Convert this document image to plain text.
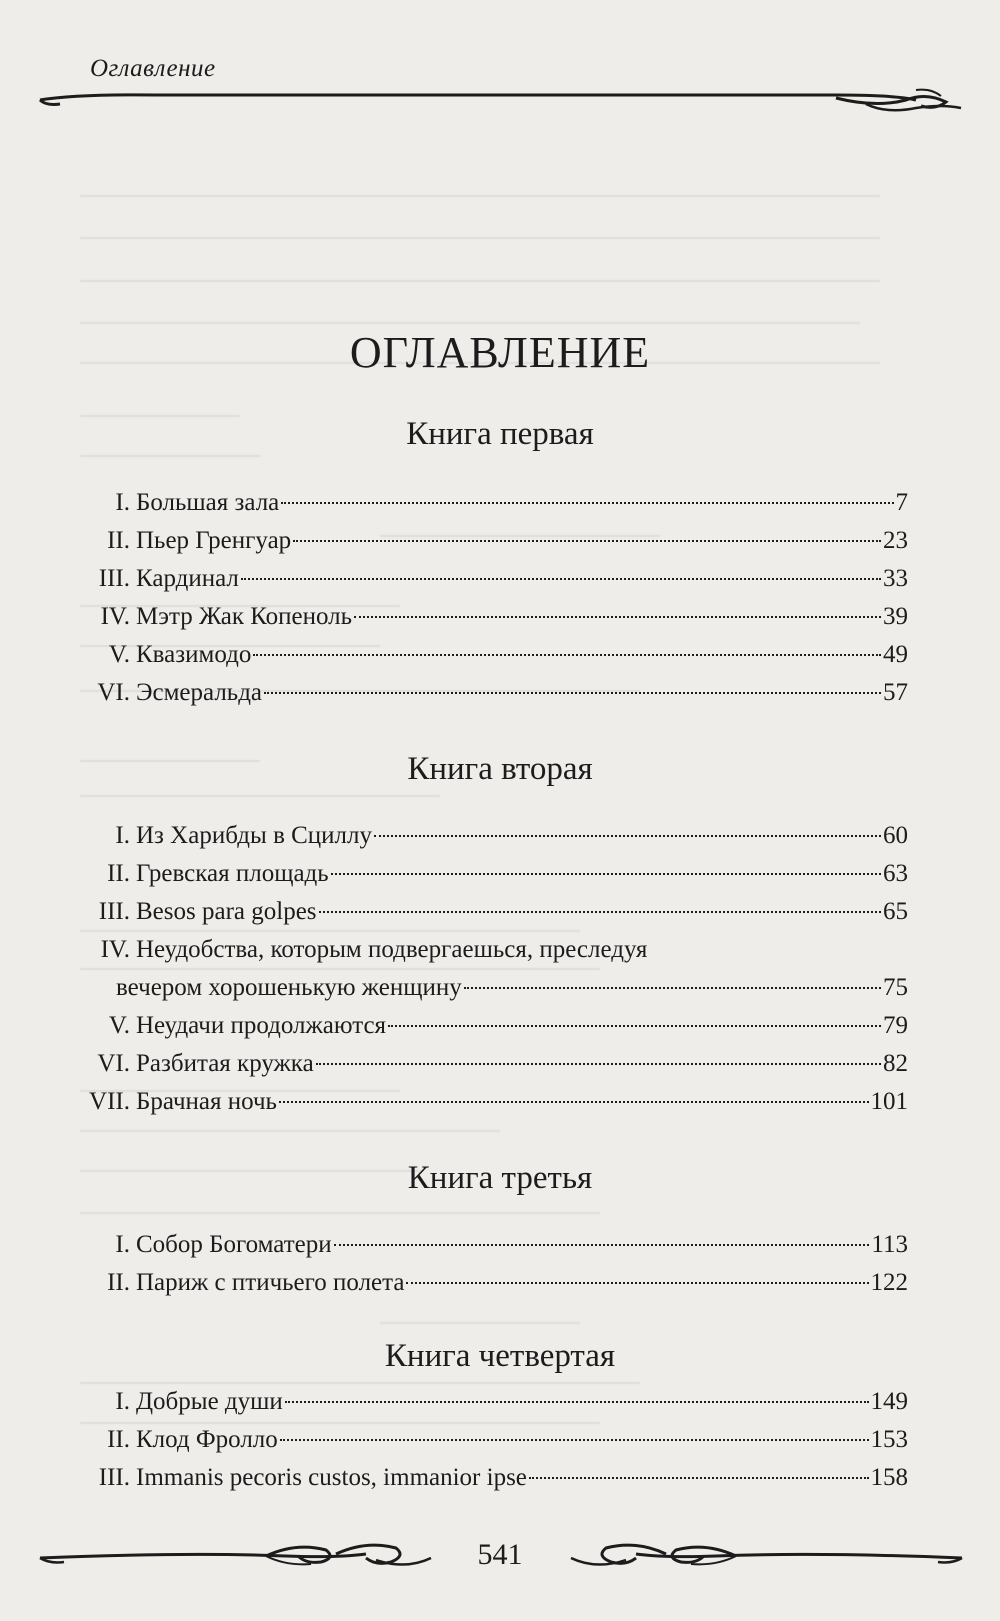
Оглавление
ОГЛАВЛЕНИЕ
Книга первая
I. Большая зала	7
II. Пьер Гренгуар	23
III. Кардинал	33
IV. Мэтр Жак Копеноль	39
V. Квазимодо	49
VI. Эсмеральда	57
Книга вторая
I. Из Харибды в Сциллу	60
II. Гревская площадь	63
III. Besos para golpes	65
IV. Неудобства, которым подвергаешься, преследуя
вечером хорошенькую женщину	75
V. Неудачи продолжаются	79
VI. Разбитая кружка	82
VII. Брачная ночь	101
Книга третья
I. Собор Богоматери	113
II. Париж с птичьего полета	122
Книга четвертая
I. Добрые души	149
II. Клод Фролло	153
III. Immanis pecoris custos, immanior ipse	158
541
